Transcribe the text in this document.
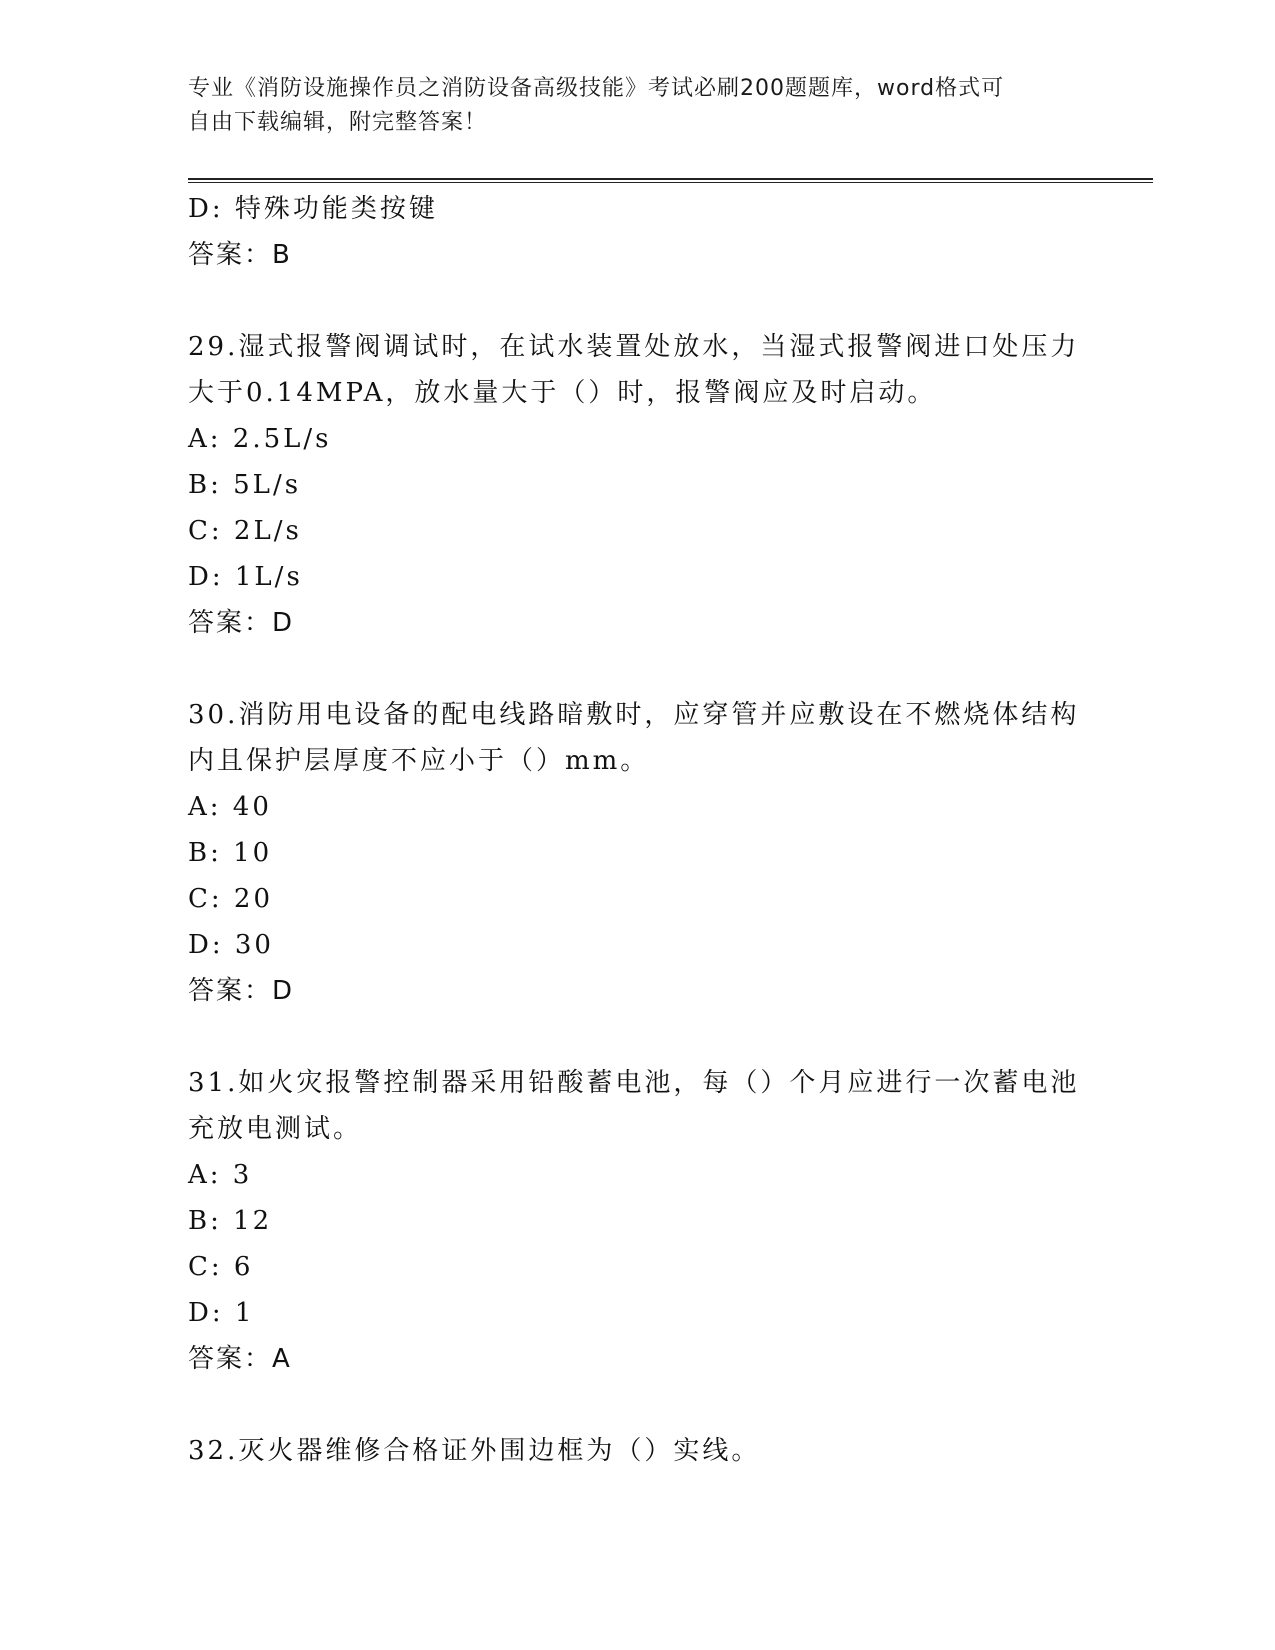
专业《消防设施操作员之消防设备高级技能》考试必刷200题题库，word格式可
自由下载编辑，附完整答案！
D: 特殊功能类按键
答案：B
29.湿式报警阀调试时，在试水装置处放水，当湿式报警阀进口处压力
大于0.14MPA，放水量大于（）时，报警阀应及时启动。
A: 2.5L/s
B: 5L/s
C: 2L/s
D: 1L/s
答案：D
30.消防用电设备的配电线路暗敷时，应穿管并应敷设在不燃烧体结构
内且保护层厚度不应小于（）mm。
A: 40
B: 10
C: 20
D: 30
答案：D
31.如火灾报警控制器采用铅酸蓄电池，每（）个月应进行一次蓄电池
充放电测试。
A: 3
B: 12
C: 6
D: 1
答案：A
32.灭火器维修合格证外围边框为（）实线。
